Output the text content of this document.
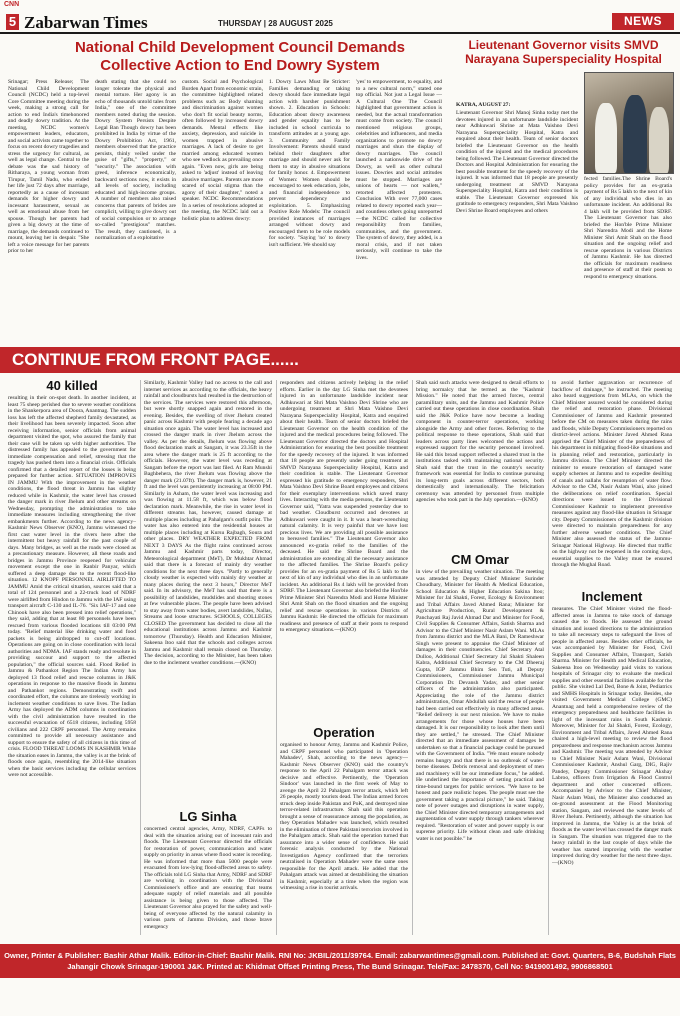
CNN
5 Zabarwan Times	THURSDAY | 28 AUGUST 2025	NEWS
National Child Development Council Demands Collective Action to End Dowry System
Srinagar; Press Release; The National Child Development Council (NCDC) held a top-level Core Committee meeting during the week, making a strong call for action to end India's timehonored and deadly dowry tradition. At the meeting, NCDC women's empowerment leaders, educators, and social activists came together to focus on recent dowry tragedies and stress the urgency for cultural, as well as legal change. Central to the debate was the sad history of Ritharaya, a young woman from Tirupur, Tamil Nadu, who ended her life just 72 days after marriage, reportedly as a cause of incessant demands for higher dowry and incessant harassment, sexual as well as emotional abuse from her spouse. Though her parents had given a big dowry at the time of marriage, the demands continued to mount, leaving her in despair. "She left a voice message for her parents prior to her
death stating that she could no longer tolerate the physical and mental torture. Her agony is an echo of thousands untold tales from India," one of the committee members noted during the session. Dowry System Persists Despite Legal Ban Though dowry has been prohibited in India by virtue of the Dowry Prohibition Act, 1961, members observed that the practice persists, thinly veiled under the guise of "gifts," "property," or "security." The association with greed, inference economically, backward sections now, it exists in all levels of society, including educated and high-income groups. A number of members also raised concerns that parents of brides are complicit, willing to give dowry out of social compulsion or to arrange so-called "prestigious" matches. The result, they cautioned, is a normalization of a exploitative
custom. Social and Psychological Burden Apart from economic strain, the committee highlighted related problems such as: Body shaming and discrimination against women who don't fit social beauty norms, often followed by increased dowry demands. Mental effects like anxiety, depression, and suicide in women trapped in abusive marriages. A lack of desire to get married among educated women who see wedlock as prevailing once again. "Even now, girls are being asked to 'adjust' instead of leaving abusive marriages. Parents are more scared of social stigma than the agony of their daughter," noted a speaker. NCDC Recommendations In a series of resolutions adopted at the meeting, the NCDC laid out a holistic plan to address dowry:
1. Dowry Laws Must Be Stricter: Families demanding or taking dowry should face immediate legal action with harsher punishment shown. 2. Education in Schools: Education about dowry awareness and gender equality has to be included in school curricula to transform attitudes at a young age. 3. Community and Family Involvement: Parents should stand behind their daughters after marriage and should never ask for them to stay in abusive situations for family honor. 4. Empowerment of Women: Women should be encouraged to seek education, jobs, and financial independence to prevent dependency and exploitation. 5. Emphasizing Positive Role Models: The council provided instances of marriages arranged without dowry and encouraged them to be role models for society. "Saying 'no' to dowry isn't sufficient. We should say
'yes' to empowerment, to equality, and to a new cultural norm," stated one top official. Not just a Legal Issue — A Cultural One The Council highlighted that government action is needed, but the actual transformation must come from society. The council mentioned religious groups, celebrities and influencers, and media organizations to promote no dowry marriages and shun the display of dowry marriages. The council launched a nationwide drive of the Dowry, as well as other cultural issues. Dowries and social attitudes must be stopped. Marriages are unions of hearts — not wallets," retorted affected protesters. Conclusion With over 77,000 cases related to dowry reported each year—and countless others going unreported—the NCDC called for collective responsibility from families, communities, and the government. The system of dowry, they added, is a moral crisis, and if not taken seriously, will continue to take the lives.
Lieutenant Governor visits SMVD Narayana Superspeciality Hospital
KATRA, AUGUST 27:
Lieutenant Governor Shri Manoj Sinha today met the devotees injured in an unfortunate landslide incident near Adhkuwari Shrine at Mata Vaishno Devi Narayana Superspeciality Hospital, Katra and enquired about their health. Team of senior doctors briefed the Lieutenant Governor on the health condition of the injured and the medical procedures being followed. The Lieutenant Governor directed the Doctors and Hospital Administration for ensuring the best possible treatment for the speedy recovery of the injured. It was informed that 18 people are presently undergoing treatment at SMVD Narayana Superspeciality Hospital, Katra and their condition is stable. The Lieutenant Governor expressed his gratitude to emergency responders, Shri Mata Vaishno Devi Shrine Board employees and others
fected families.The Shrine Board's policy provides for an ex-gratia payment of Rs 5 lakh to the next of kin of any individual who dies in an unfortunate incident. An additional Rs 4 lakh will be provided from SDRF. The Lieutenant Governor has also briefed the Hon'ble Prime Minister Shri Narendra Modi and the Home Minister Shri Amit Shah on the flood situation and the ongoing relief and rescue operations in various Districts of Jammu Kashmir. He has directed the officials for maximum readiness and presence of staff at their posts to respond to emergency situations.
CONTINUE FROM FRONT PAGE......
40 killed
resulting in their on-spot death. In another incident, at least 75 sheep perished due to severe weather conditions in the Shankerpora area of Doora, Anantnag. The sudden loss has left the affected shepherd family devastated, as their livelihood has been severely impacted. Soon after receiving information, senior officials from animal department visited the spot, who assured the family that their case will be taken up with higher authorities. The distressed family has appealed to the government for immediate compensation and relief, stressing that the tragedy has pushed them into a financial crisis. Officials confirmed that a detailed report of the losses is being prepared for further action. SITUATION IMPROVES IN JAMMU With the improvement in the weather conditions, the flood threat in Jammu has slightly reduced while in Kashmir, the water level has crossed the danger mark in river Jhelum and other streams on Wednesday, prompting the administration to take immediate measures including strengthening the river embankments further. According to the news agency–Kashmir News Observer (KNO), Jammu witnessed the first cast water level in the rivers here after the intermittent but heavy rainfall for the past couple of days. Many bridges, as well as the roads were closed as a precautionary measure. However, all these roads and bridges in Jammu Province reopened for vehicular movement except the one in Ranbir Panyar, which suffered a deep damage due to the recent flood-like situation. 12 KNOPF PERSONNEL AIRLIFTED TO JAMMU Amid the critical situation, sources said that a total of 124 personnel and a 22-truck load of NDRF were airlifted from Hindon to Jammu with the IAF using transport aircraft C-130 and IL-76. "Six IAF-17 and one Chinook have also been pressed into relief operations," they said, adding that at least 80 personnels have been rescued from various flooded locations till 03:00 PM today. "Relief material like drinking water and food packets is being airdropped to cut-off locations. Operations are going on in close coordination with local authorities and NDMA. IAF stands ready and resolute in providing succour and support to the affected population," the official sources said. Flood Relief in Jammu & Pathankot Region The Indian Army has deployed 13 flood relief and rescue columns in J&K operations in response to the massive floods in Jammu and Pathankot regions. Demonstrating swift and coordinated effort, the columns are tirelessly working in inclement weather conditions to save lives. The Indian Army has deployed the ADM columns in coordination with the civil administration have resulted in the successful evacuation of 6518 citizens, including 5958 civilians and 222 CRPF personnel. The Army remains committed to provide all necessary assistance and support to ensure the safety of all citizens in this time of crisis. FLOOD THREAT LOOMS IN KASHMIR While the situation eases in Jammu, the valley is at the brink of floods once again, resembling the 2014-like situation when the basic services including the cellular services were not accessible.
Similarly, Kashmir Valley had no access to the call and internet services as according to the officials, the heavy rainfall and cloudbursts had resulted in the destruction of the services. The services were restored this afternoon, but were shortly snapped again and restored in the evening. Besides, the swelling of river Jhelum created panic across Kashmir with people fearing a decade ago situation once again. The water level has increased and crossed the danger mark in river Jhelum across the valley. As per the details, Jhelum was flowing above flood declaration mark at Sangam, it was 23.35ft in the area where the danger mark is 25 ft according to the officials. However, the water level was receding at Sangam before the report was last filed. At Ram Munshi Baghbehera, the river Jhelum was flowing above the danger mark (21.07ft). The danger mark is, however, 21 ft and the level was persistently increasing at 08:00 PM. Similarly in Asham, the water level was increasing and was flowing at 11.58 ft, which was below flood declaration mark. Meanwhile, the rise in water level in different streams has, however, caused damage at multiple places including at Pahalgam's outfit point. The water has also entered into the residential houses at multiple places including at Kursu Rajbagh, Soura and other places. DRY WEATHER EXPECTED FROM NEXT 3 DAYS As the flight rains continued across Jammu and Kashmir parts today, Director, Meteorological department (MeT), Dr Mukhtar Ahmad said that there is a forecast of mainly dry weather conditions for the next three days. "Partly to generally cloudy weather is expected with mainly dry weather at many places during the next 3 hours," Director MeT said. In its advisory, the MeT has said that there is a possibility of landslides, mudslides and shooting stones at few vulnerable places. The people have been advised to stay away from water bodies, avert landslides, Nallas, Streams and loose structures. SCHOOLS, COLLEGES CLOSED The government has decided to close all the educational institutions across Jammu and Kashmir tomorrow (Thursday). Health and Education Minister, Sakeena Itoo said that the schools and colleges across Jammu and Kashmir shall remain closed on Thursday. The decision, according to the Minister, has been taken due to the inclement weather conditions.—(KNO)
LG Sinha
concerned central agencies, Army, NDRF, CAPFs to deal with the situation arising out of incessant rain and floods. The Lieutenant Governor directed the officials for restoration of power, communication and water supply on priority in areas where flood water is receding. He was informed that more than 5000 people were evacuated from low-lying flood-affected areas to safety. The officials told LG Sinha that Army, NDRF and SDRF are working in coordination with the Divisional Commissioner's office and are ensuring that teams adequate supply of relief materials and all possible assistance is being given to those affected. The Lieutenant Governor also prayed for the safety and well-being of everyone affected by the natural calamity in various parts of Jammu Division, and those brave emergency
responders and citizens actively helping in the relief efforts. Earlier in the day LG Sinha met the devotees injured in an unfortunate landslide incident near Adhkuwari at Shri Mata Vaishno Devi Shrine who are undergoing treatment at Shri Mata Vaishno Devi Narayana Superspeciality Hospital, Katra and enquired about their health. Team of senior doctors briefed the Lieutenant Governor on the health condition of the injured and the medical procedures being followed. The Lieutenant Governor directed the doctors and Hospital Administration for ensuring the best possible treatment for the speedy recovery of the injured. It was informed that 18 people are presently under going treatment at SMVD Narayana Superspeciality Hospital, Katra and their condition is stable. The Lieutenant Governor expressed his gratitude to emergency responders, Shri Mata Vaishno Devi Shrine Board employees and citizens for their exemplary interventions which saved many lives. Interacting with the media persons, the Lieutenant Governor said, "Yatra was suspended yesterday due to bad weather. Cloudburst occurred and devotees at Adhkuwari were caught in it. It was a heart-wrenching natural calamity. It is very painful that we have lost precious lives. We are providing all possible assistance to bereaved families." The Lieutenant Governor also announced ex-gratia relief to the families of the deceased. He said the Shrine Board and the administration are extending all the necessary assistance to the affected families. The Shrine Board's policy provides for an ex-gratia payment of Rs 5 lakh to the next of kin of any individual who dies in an unfortunate incident. An additional Rs 4 lakh will be provided from SDRF. The Lieutenant Governor also briefed the Hon'ble Prime Minister Shri Narendra Modi and Home Minister Shri Amit Shah on the flood situation and the ongoing relief and rescue operations in various Districts of Jammu Kashmir. He directed the officials for maximum readiness and presence of staff at their posts to respond to emergency situations.—(KNO)
Operation
organised to honour Army, Jammu and Kashmir Police, and CRPF personnel who participated in 'Operation Mahadev', Shah, according to the news agency—Kashmir News Observer (KNO) said the country's response to the April 22 Pahalgam terror attack was decisive and effective. Pertinently, the 'Operation Sindoor' was launched in the first week of May to avenge the April 22 Pahalgam terror attack, which left 26 people, mostly tourists dead. The Indian armed forces struck deep inside Pakistan and PoK, and destroyed nine terror-related infrastructure. Shah said this operation brought a sense of reassurance among the population, as they Operation Mahadev was launched, which resulted in the elimination of three Pakistani terrorists involved in the Pahalgam attack. Shah said the operation turned that assurance into a wider sense of confidence. He said forensic analysis conducted by the National Investigation Agency confirmed that the terrorists neutralised in Operation Mahadev were the same ones responsible for the April attack. He added that the Pahalgam attack was aimed at destabilising the situation in Kashmir, especially at a time when the region was witnessing a rise in tourist arrivals.
Shah said such attacks were designed to derail efforts to bring normalcy that he termed as the "Kashmir Mission." He noted that the armed forces, central paramilitary units, and the Jammu and Kashmir Police carried out these operations in close coordination. Shah said the J&K Police have now become a leading component in counter-terror operations, working alongside the Army and other forces. Referring to the political response to these operations, Shah said that leaders across party lines welcomed the actions and expressed support for the security personnel involved. He said this broad support reflected a shared trust in the institutions tasked with maintaining national security. Shah said that the trust in the country's security framework was essential for India to continue pursuing its long-term goals across different sectors, both domestically and internationally. The felicitation ceremony was attended by personnel from multiple agencies who took part in the July operation.—(KNO)
CM Omar
in view of the prevailing weather situation. The meeting was attended by Deputy Chief Minister Surinder Choudhary, Minister for Health & Medical Education, School Education & Higher Education Sakina Itoo; Minister for Jal Shakti, Forest, Ecology & Environment and Tribal Affairs Javed Ahmed Rana; Minister for Agriculture Production, Rural Development & Panchayati Raj Javid Ahmad Dar and Minister for Food, Civil Supplies & Consumer Affairs, Satish Sharma and Advisor to the Chief Minister Nasir Aslam Wani. MLAs from Jammu district and the MLA Bani, Dr Rameshwar Singh were present to appraise the Chief Minister of damages in their constituencies. Chief Secretary Atal Dulloo, Additional Chief Secretary Jal Shakti Shaleen Kabra, Additional Chief Secretary to the CM Dheeraj Gupta, IGP Jammu Bhim Sen Tuti, all Deputy Commissioners, Commissioner Jammu Municipal Corporation Dr. Devansh Yadav, and other senior officers of the administration also participated. Appreciating the role of the Jammu district administration, Omar Abdullah said the rescue of people had been carried out effectively in many affected areas. "Relief delivery is our next mission. We have to make arrangements for those whose houses have been damaged. It is our responsibility to look after them until they are settled," he stressed. The Chief Minister directed that an immediate assessment of damages be undertaken so that a financial package could be pursued with the Government of India. "We must ensure nobody remains hungry and that there is no outbreak of water-borne diseases. Debris removal and deployment of men and machinery will be our immediate focus," he added. He underlined the importance of setting practical and time-bound targets for public services. "We have to be honest and pace realistic hopes. The people must see the government taking a practical picture," he said. Taking note of power outages and disruptions in water supply, the Chief Minister directed temporary arrangements and augmentation of water supply through tankers wherever required. "Restoration of water and power supply is our supreme priority. Life without clean and safe drinking water is not possible." he
to avoid further aggravation or recurrence of backflow of drainage," he instructed. The meeting also heard suggestions from MLAs, on which the Chief Minister assured would be considered during the relief and restoration phase. Divisional Commissioner of Jammu and Kashmir presented before the CM on measures taken during the rains and floods, while Deputy Commissioners reported on district-level actions. Minister Javed Ahmed Rana apprised the Chief Minister of the preparedness of his department in mitigating flood-like situations and in planning relief and restoration, particularly in Jammu division. The Chief Minister directed the minister to ensure restoration of damaged water supply schemes at Jammu and to expedite desilting of canals and nallahs for resumption of water flow. Advisor to the CM, Nasir Aslam Wani, also joined the deliberations on relief coordination. Special directions were issued to the Divisional Commissioner Kashmir to implement preventive measures against any flood-like situation in Srinagar city. Deputy Commissioners of the Kashmir division were directed to maintain preparedness for any further adverse weather conditions. The Chief Minister also assessed the status of the Jammu-Srinagar National Highway. He directed that traffic on the highway not be reopened in the coming days, essential supplies to the Valley must be ensured through the Mughal Road.
Inclement
measures. The Chief Minister visited the flood-affected areas in Jammu to take stock of damage caused due to floods. He assessed the ground situation and issued directions to the administration to take all necessary steps to safeguard the lives of people in affected areas. Besides other officials, he was accompanied by Minister for Food, Civil Supplies and Consumer Affairs, Transport, Satish Sharma. Minister for Health and Medical Education, Sakeena Itoo on Wednesday paid visits to various hospitals of Srinagar city to evaluate the medical supplies and other essential facilities available for the public. She visited Lal Ded, Bone & Joint, Pediatrics and SMHS Hospitals in Srinagar today. Besides, she visited Government Medical College (GMC) Anantnag and held a comprehensive review of the emergency preparedness and healthcare facilities in light of the incessant rains in South Kashmir. Moreover, Minister for Jal Shakti, Forest, Ecology, Environment and Tribal Affairs, Javed Ahmed Rana chaired a high-level meeting to review the flood preparedness and response mechanism across Jammu and Kashmir. The meeting was attended by Advisor to Chief Minister Nasir Aslam Wani, Divisional Commissioner Kashmir, Anshul Garg, DIG, Rajiv Pandey, Deputy Commissioner Srinagar Akshay Labroo, officers from Irrigation & Flood Control department and other concerned officers. Accompanied by Advisor to the Chief Minister, Nasir Aslam Wani, the Minister also conducted an on-ground assessment at the Flood Monitoring station, Sangam, and reviewed the water levels of River Jhelum. Pertinently, although the situation has improved in Jammu, the Valley is at the brink of floods as the water level has crossed the danger mark in Sangam. The situation was triggered due to the heavy rainfall in the last couple of days while the weather has started improving with the weather improved during dry weather for the next three days.—(KNO)
Owner, Printer & Publisher: Bashir Athar Malik. Editor-in-Chief: Bashir Malik. RNI No: JKBIL/2011/39764. Email: zabarwantimes@gmail.com. Published at: Govt. Quarters, B-6, Budshah Flats
Jahangir Chowk Srinagar-190001 J&K. Printed at: Khidmat Offset Printing Press, The Bund Srinagar. Tele/Fax: 2478370, Cell No: 9419001492, 9906868501
